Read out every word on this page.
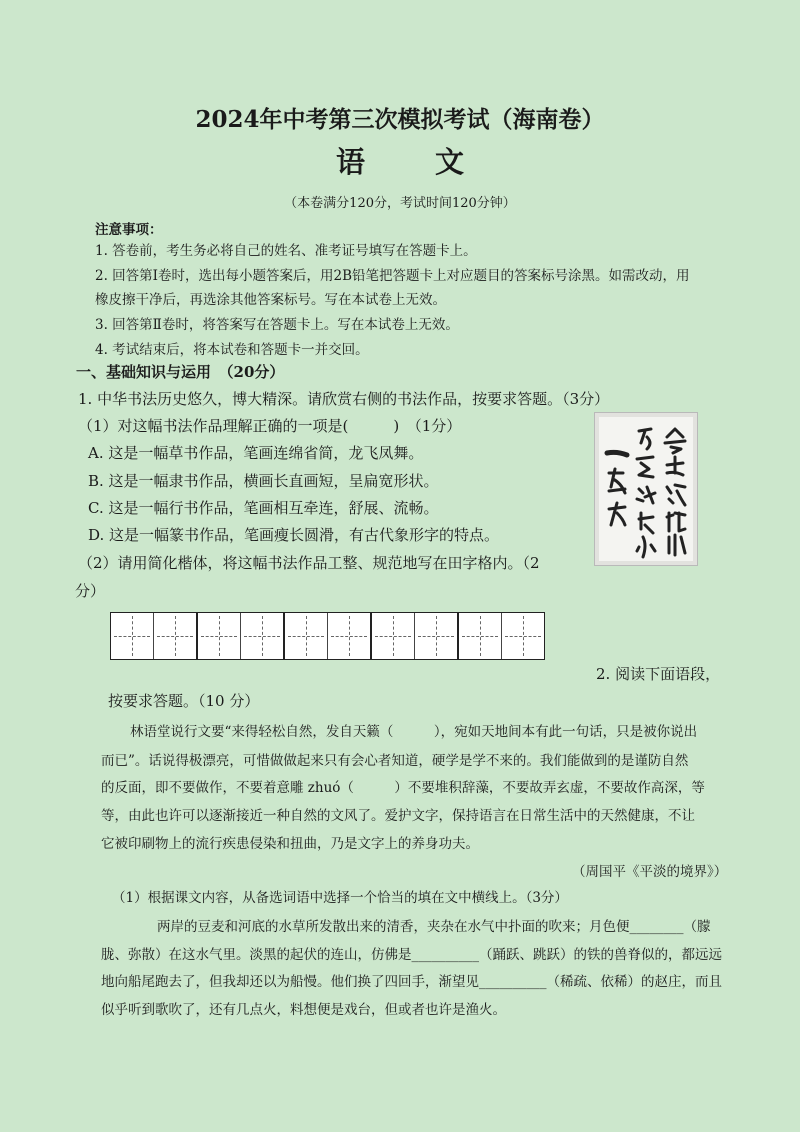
2024年中考第三次模拟考试（海南卷）
语 文
（本卷满分120分，考试时间120分钟）
注意事项：
1. 答卷前，考生务必将自己的姓名、准考证号填写在答题卡上。
2. 回答第Ⅰ卷时，选出每小题答案后，用2B铅笔把答题卡上对应题目的答案标号涂黑。如需改动，用
橡皮擦干净后，再选涂其他答案标号。写在本试卷上无效。
3. 回答第Ⅱ卷时，将答案写在答题卡上。写在本试卷上无效。
4. 考试结束后，将本试卷和答题卡一并交回。
一、基础知识与运用　（20分）
1. 中华书法历史悠久，博大精深。请欣赏右侧的书法作品，按要求答题。（3分）
（1）对这幅书法作品理解正确的一项是(　　　)　（1分）
A. 这是一幅草书作品，笔画连绵省简，龙飞凤舞。
B. 这是一幅隶书作品，横画长直画短，呈扁宽形状。
C. 这是一幅行书作品，笔画相互牵连，舒展、流畅。
D. 这是一幅篆书作品，笔画瘦长圆滑，有古代象形字的特点。
（2）请用简化楷体，将这幅书法作品工整、规范地写在田字格内。（2
分）
2. 阅读下面语段，
按要求答题。（10 分）
林语堂说行文要“来得轻松自然，发自天籁（　　　），宛如天地间本有此一句话，只是被你说出
而已”。话说得极漂亮，可惜做做起来只有会心者知道，硬学是学不来的。我们能做到的是谨防自然
的反面，即不要做作，不要着意雕 zhuó（　　　）不要堆积辞藻，不要故弄玄虚，不要故作高深，等
等，由此也许可以逐渐接近一种自然的文风了。爱护文字，保持语言在日常生活中的天然健康，不让
它被印刷物上的流行疾患侵染和扭曲，乃是文字上的养身功夫。
（周国平《平淡的境界》）
（1）根据课文内容，从备选词语中选择一个恰当的填在文中横线上。（3分）
两岸的豆麦和河底的水草所发散出来的清香，夹杂在水气中扑面的吹来；月色便________（朦
胧、弥散）在这水气里。淡黑的起伏的连山，仿佛是__________（踊跃、跳跃）的铁的兽脊似的，都远远
地向船尾跑去了，但我却还以为船慢。他们换了四回手，渐望见__________（稀疏、依稀）的赵庄，而且
似乎听到歌吹了，还有几点火，料想便是戏台，但或者也许是渔火。
